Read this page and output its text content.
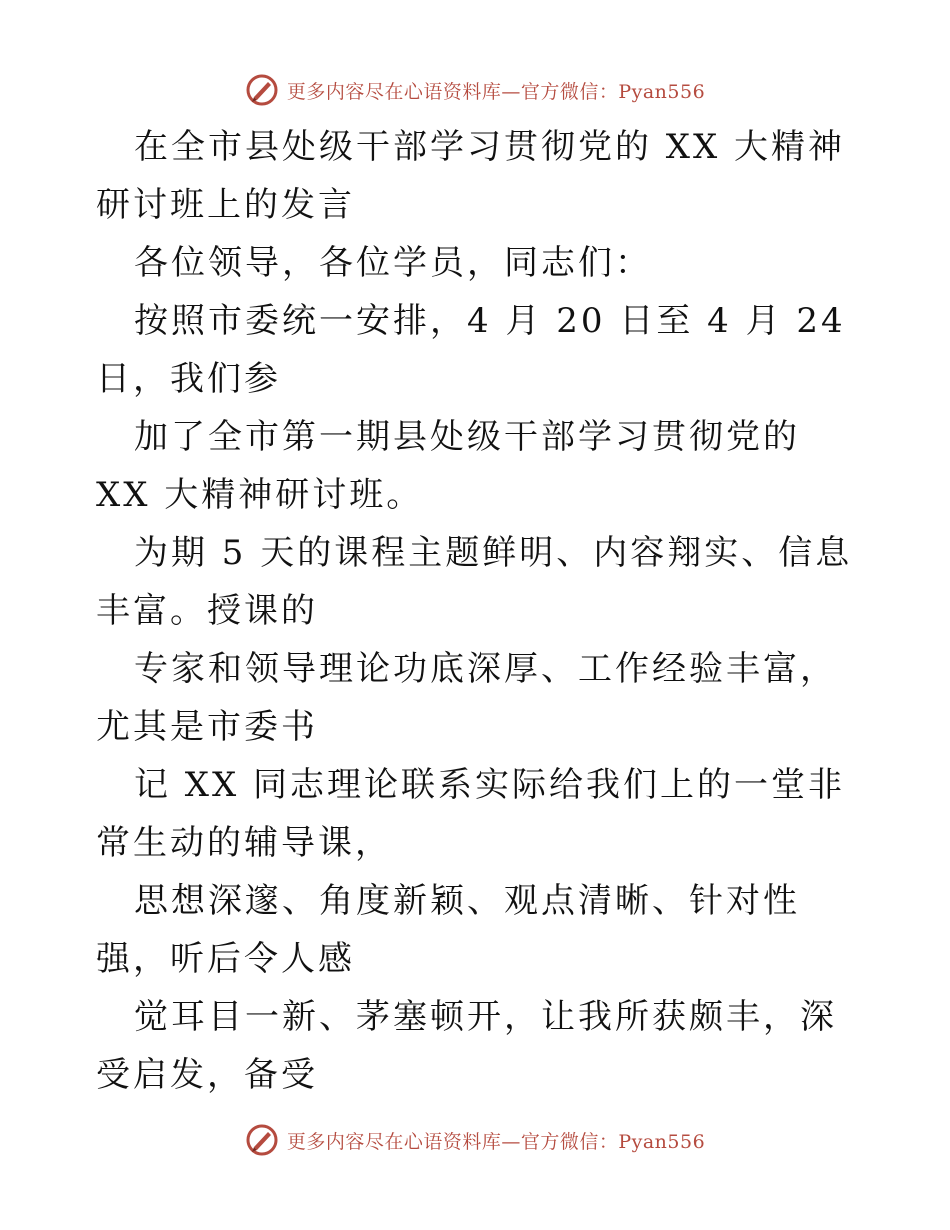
更多内容尽在心语资料库—官方微信：Pyan556

在全市县处级干部学习贯彻党的 XX 大精神研讨班上的发言

各位领导，各位学员，同志们：

按照市委统一安排，4 月 20 日至 4 月 24 日，我们参

加了全市第一期县处级干部学习贯彻党的 XX 大精神研讨班。

为期 5 天的课程主题鲜明、内容翔实、信息丰富。授课的

专家和领导理论功底深厚、工作经验丰富，尤其是市委书

记 XX 同志理论联系实际给我们上的一堂非常生动的辅导课，

思想深邃、角度新颖、观点清晰、针对性强，听后令人感

觉耳目一新、茅塞顿开，让我所获颇丰，深受启发，备受

更多内容尽在心语资料库—官方微信：Pyan556
